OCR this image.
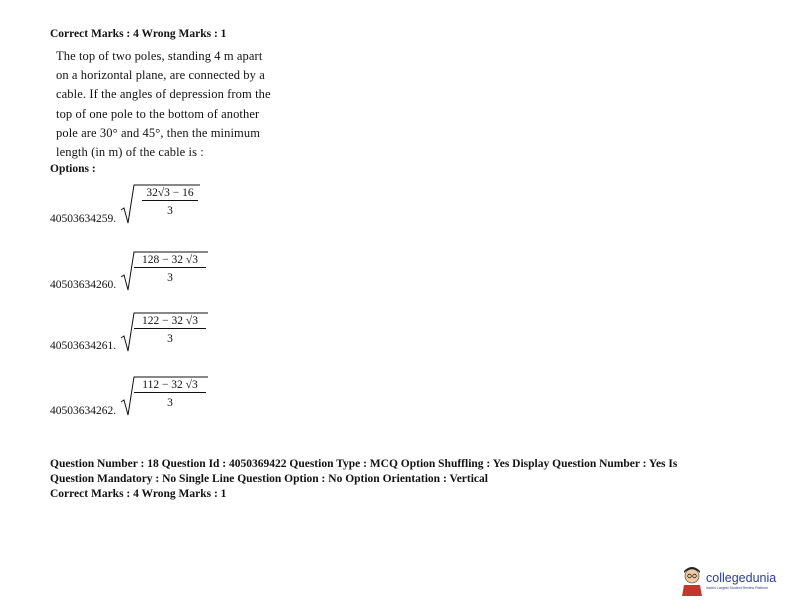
Correct Marks : 4 Wrong Marks : 1
The top of two poles, standing 4 m apart
on a horizontal plane, are connected by a
cable. If the angles of depression from the
top of one pole to the bottom of another
pole are 30° and 45°, then the minimum
length (in m) of the cable is :
Options :
40503634259.
32√3 − 16
3
40503634260.
128 − 32 √3
3
40503634261.
122 − 32 √3
3
40503634262.
112 − 32 √3
3
Question Number : 18 Question Id : 4050369422 Question Type : MCQ Option Shuffling : Yes Display Question Number : Yes Is
Question Mandatory : No Single Line Question Option : No Option Orientation : Vertical
Correct Marks : 4 Wrong Marks : 1
collegedunia
India's Largest Student Review Platform
